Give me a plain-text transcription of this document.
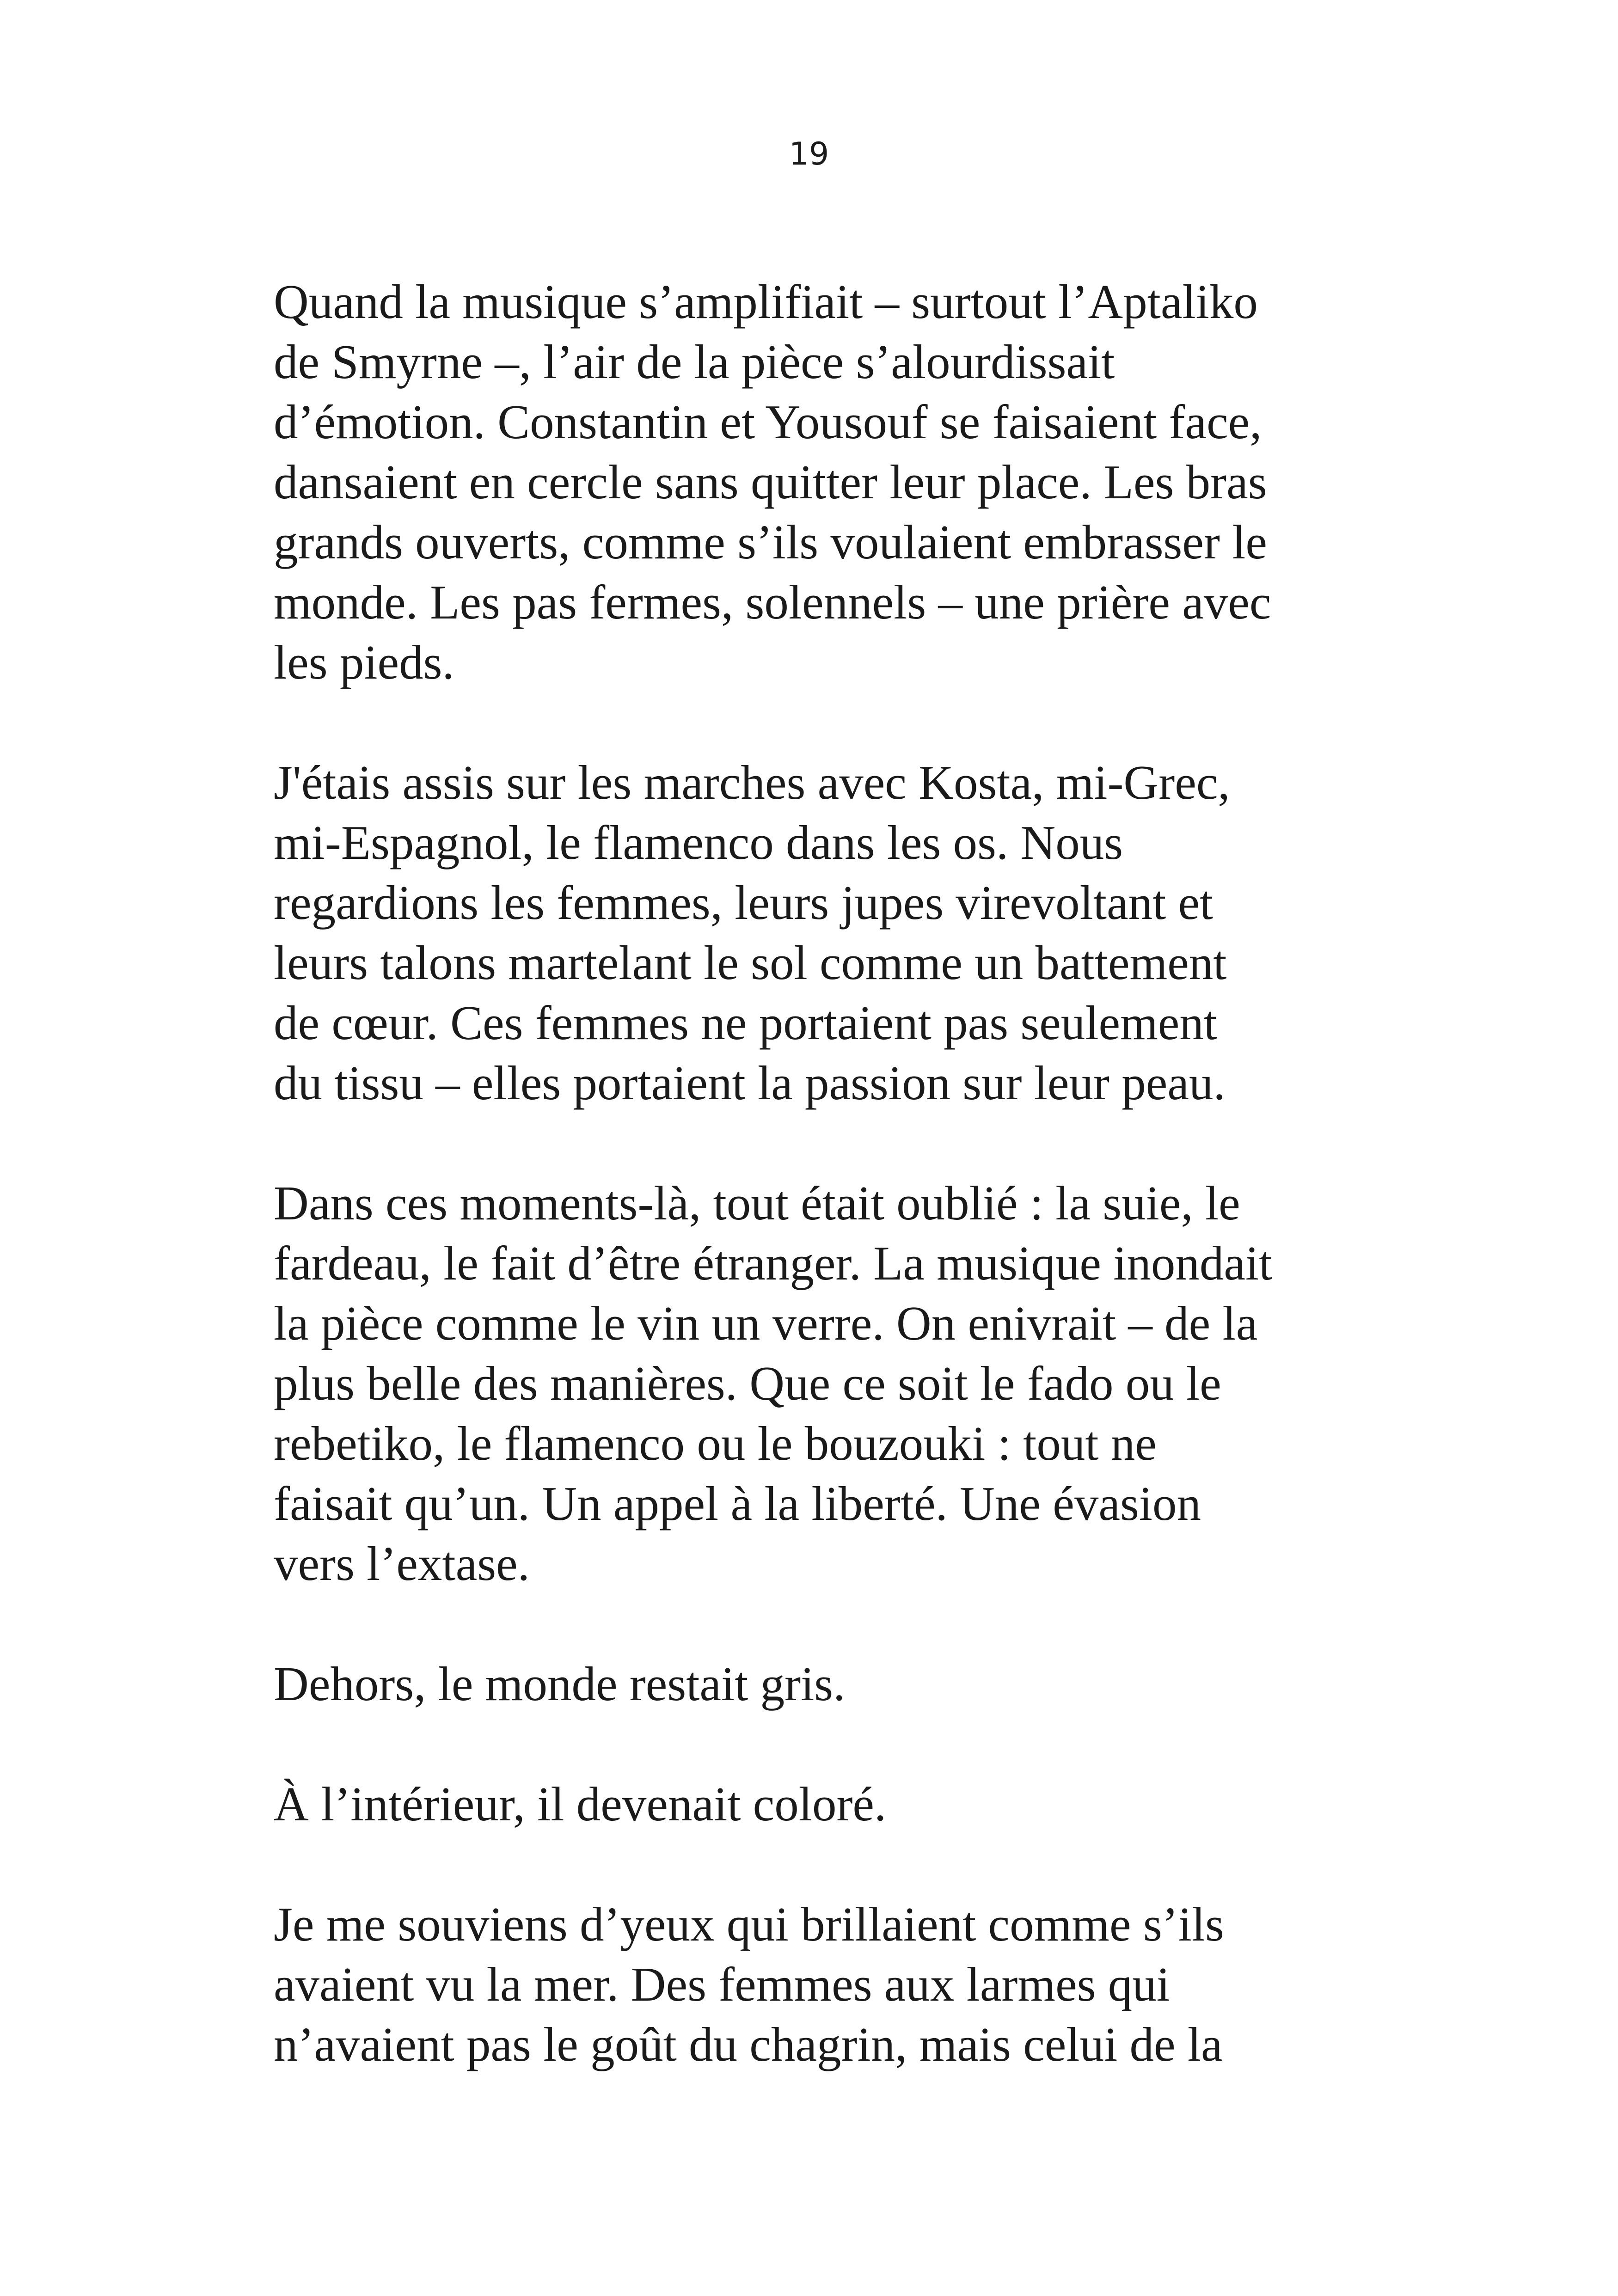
19

Quand la musique s’amplifiait – surtout l’Aptaliko
de Smyrne –, l’air de la pièce s’alourdissait
d’émotion. Constantin et Yousouf se faisaient face,
dansaient en cercle sans quitter leur place. Les bras
grands ouverts, comme s’ils voulaient embrasser le
monde. Les pas fermes, solennels – une prière avec
les pieds.

J'étais assis sur les marches avec Kosta, mi-Grec,
mi-Espagnol, le flamenco dans les os. Nous
regardions les femmes, leurs jupes virevoltant et
leurs talons martelant le sol comme un battement
de cœur. Ces femmes ne portaient pas seulement
du tissu – elles portaient la passion sur leur peau.

Dans ces moments-là, tout était oublié : la suie, le
fardeau, le fait d’être étranger. La musique inondait
la pièce comme le vin un verre. On enivrait – de la
plus belle des manières. Que ce soit le fado ou le
rebetiko, le flamenco ou le bouzouki : tout ne
faisait qu’un. Un appel à la liberté. Une évasion
vers l’extase.

Dehors, le monde restait gris.

À l’intérieur, il devenait coloré.

Je me souviens d’yeux qui brillaient comme s’ils
avaient vu la mer. Des femmes aux larmes qui
n’avaient pas le goût du chagrin, mais celui de la
